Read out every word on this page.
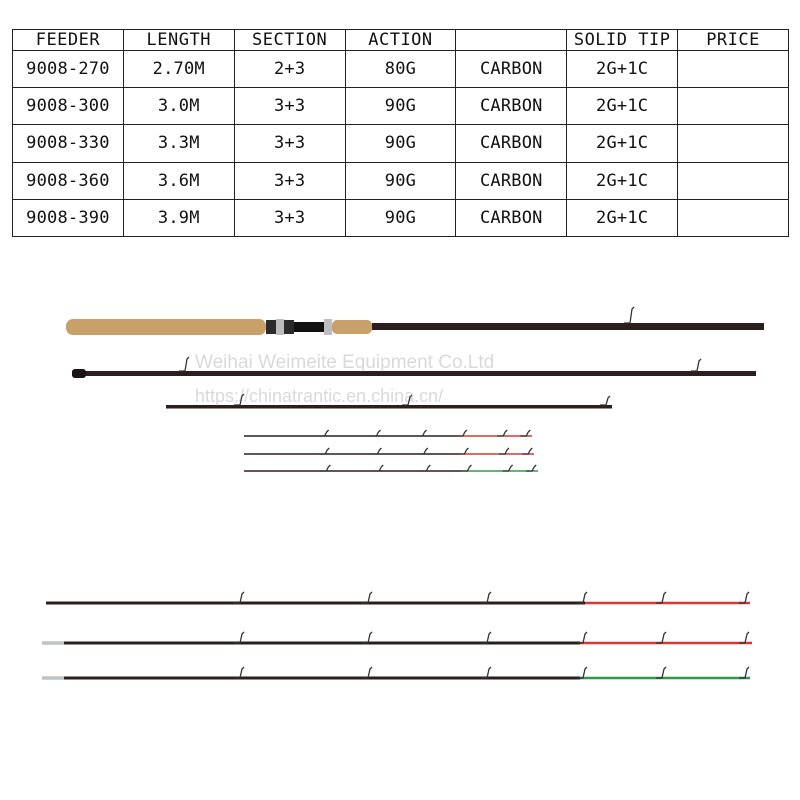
FEEDER	LENGTH	SECTION	ACTION		SOLID TIP	PRICE
9008-270	2.70M	2+3	80G	CARBON	2G+1C	
9008-300	3.0M	3+3	90G	CARBON	2G+1C	
9008-330	3.3M	3+3	90G	CARBON	2G+1C	
9008-360	3.6M	3+3	90G	CARBON	2G+1C	
9008-390	3.9M	3+3	90G	CARBON	2G+1C	
Weihai Weimeite Equipment Co.Ltd
https://chinatrantic.en.china.cn/
